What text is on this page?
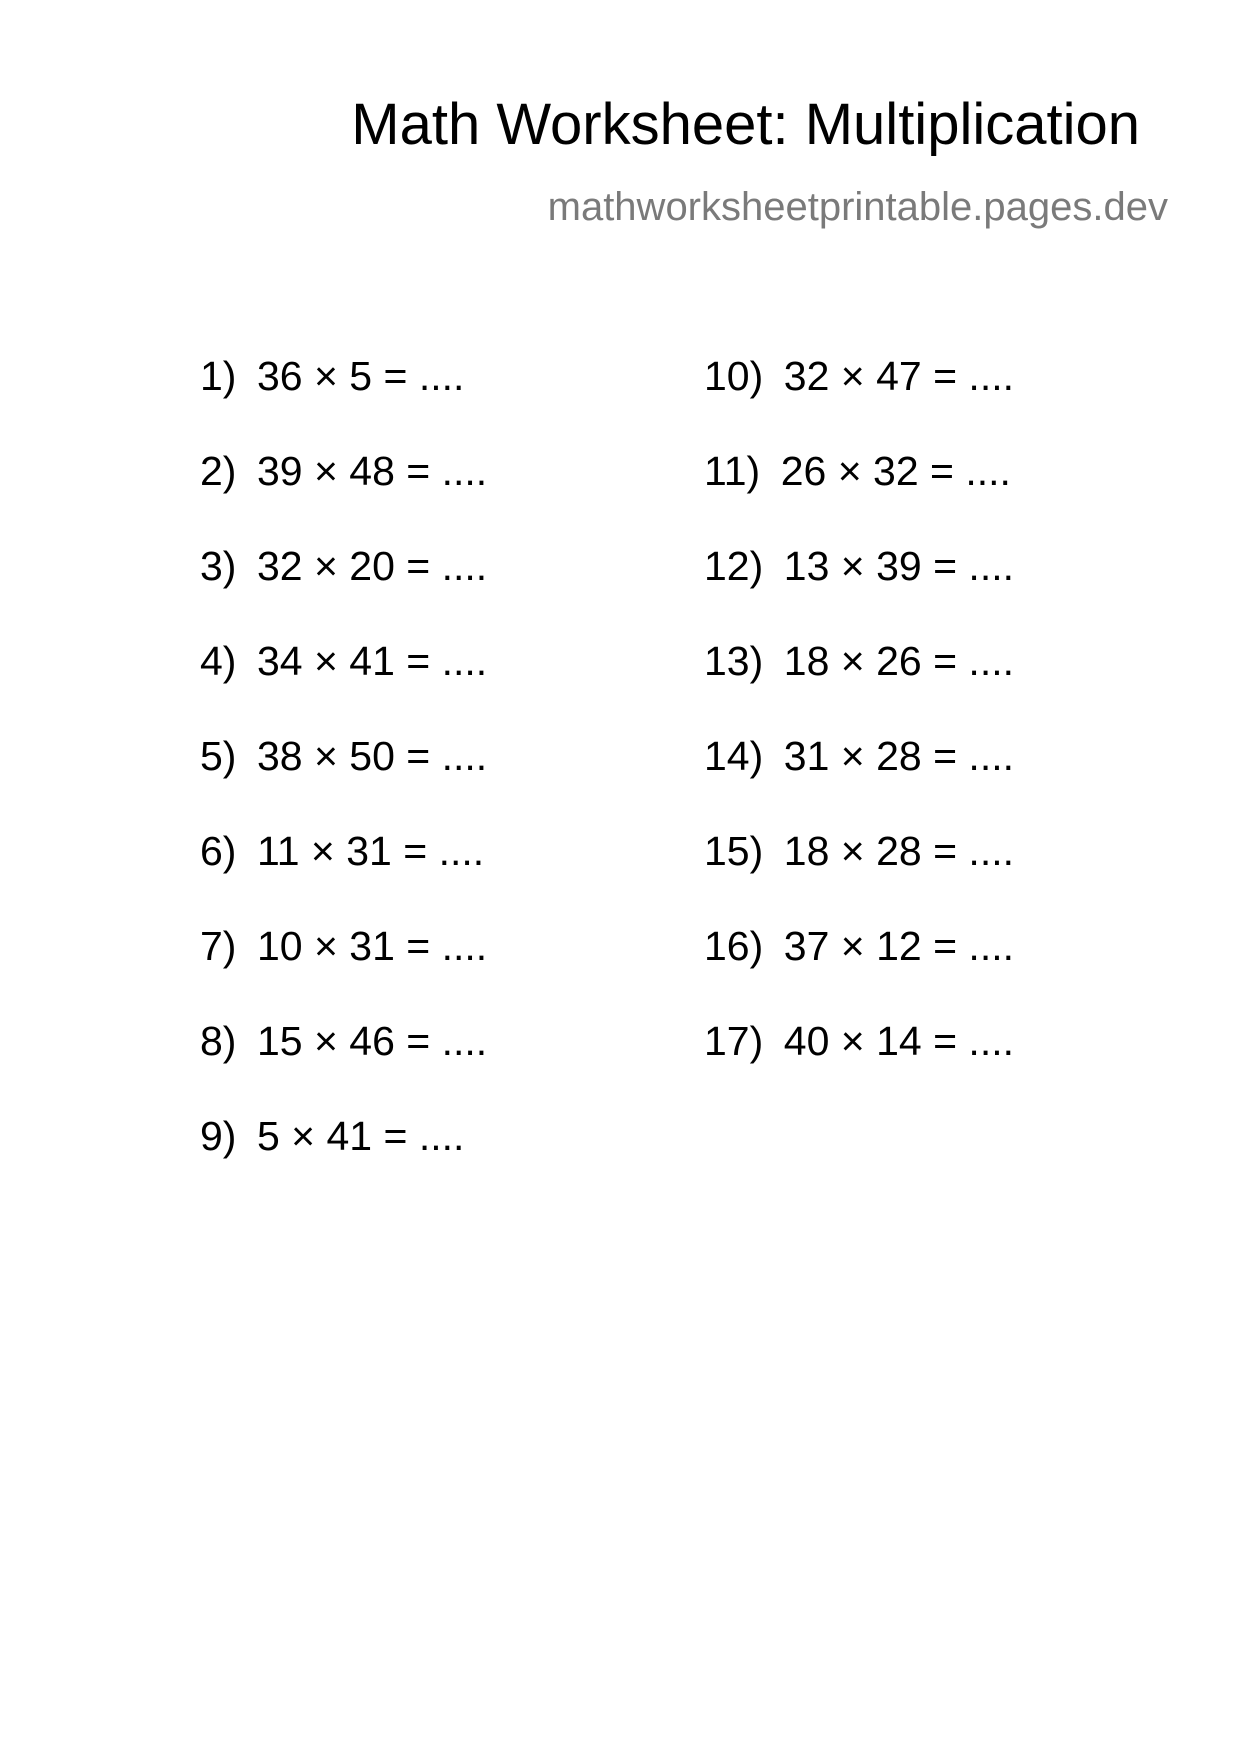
Math Worksheet: Multiplication
mathworksheetprintable.pages.dev
1) 36 × 5 = ....
2) 39 × 48 = ....
3) 32 × 20 = ....
4) 34 × 41 = ....
5) 38 × 50 = ....
6) 11 × 31 = ....
7) 10 × 31 = ....
8) 15 × 46 = ....
9) 5 × 41 = ....
10) 32 × 47 = ....
11) 26 × 32 = ....
12) 13 × 39 = ....
13) 18 × 26 = ....
14) 31 × 28 = ....
15) 18 × 28 = ....
16) 37 × 12 = ....
17) 40 × 14 = ....
